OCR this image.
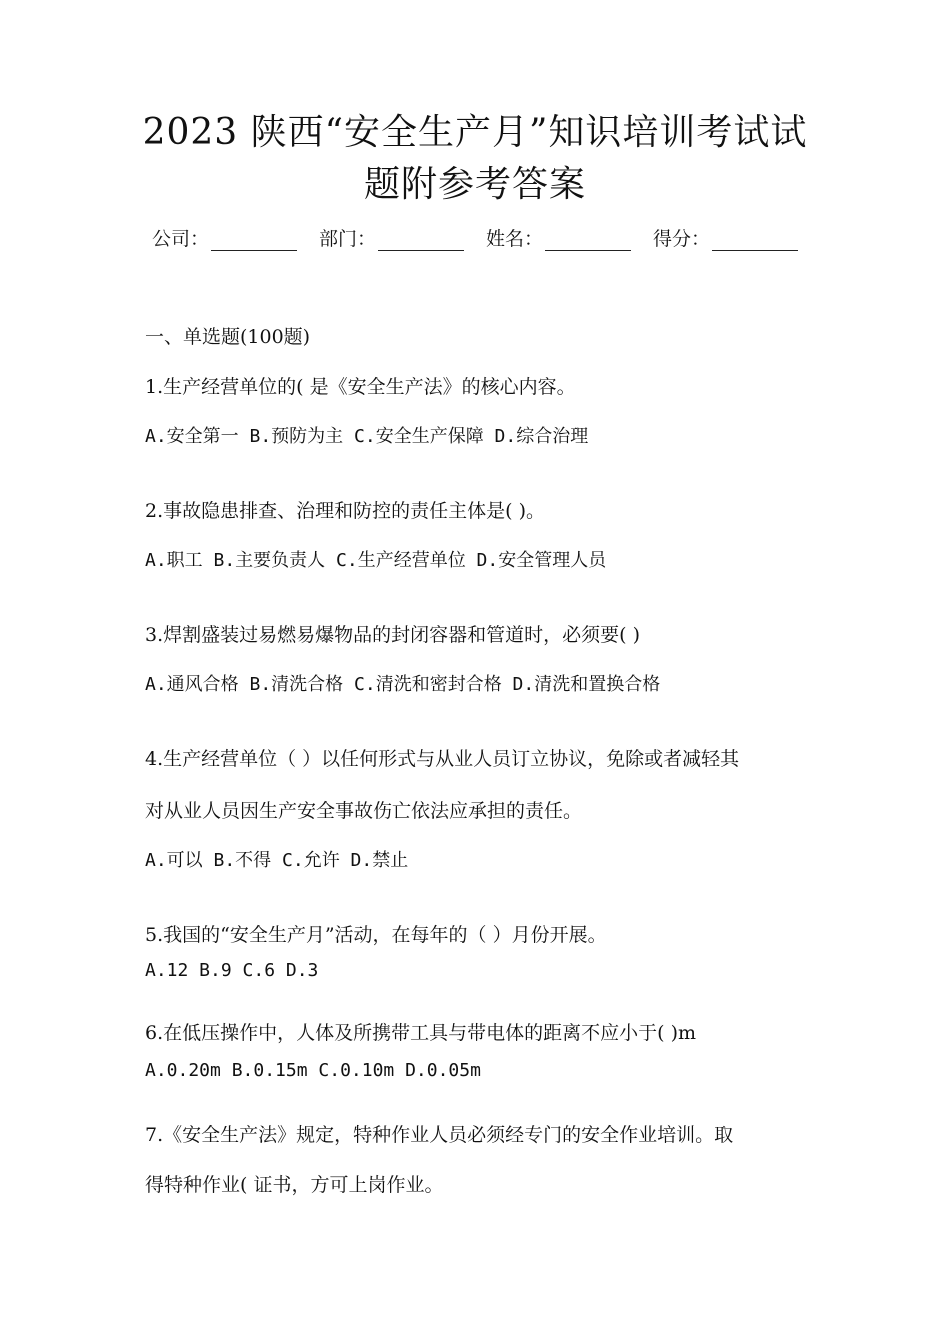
2023 陕西“安全生产月”知识培训考试试
题附参考答案
公司：	部门：	姓名：	得分：
一、单选题(100题)
1.生产经营单位的( 是《安全生产法》的核心内容。
A.安全第一 B.预防为主 C.安全生产保障 D.综合治理
2.事故隐患排查、治理和防控的责任主体是( )。
A.职工 B.主要负责人 C.生产经营单位 D.安全管理人员
3.焊割盛装过易燃易爆物品的封闭容器和管道时，必须要( )
A.通风合格 B.清洗合格 C.清洗和密封合格 D.清洗和置换合格
4.生产经营单位（ ）以任何形式与从业人员订立协议，免除或者减轻其
对从业人员因生产安全事故伤亡依法应承担的责任。
A.可以 B.不得 C.允许 D.禁止
5.我国的“安全生产月”活动，在每年的（ ）月份开展。
A.12 B.9 C.6 D.3
6.在低压操作中，人体及所携带工具与带电体的距离不应小于( )m
A.0.20m B.0.15m C.0.10m D.0.05m
7.《安全生产法》规定，特种作业人员必须经专门的安全作业培训。取
得特种作业( 证书，方可上岗作业。
